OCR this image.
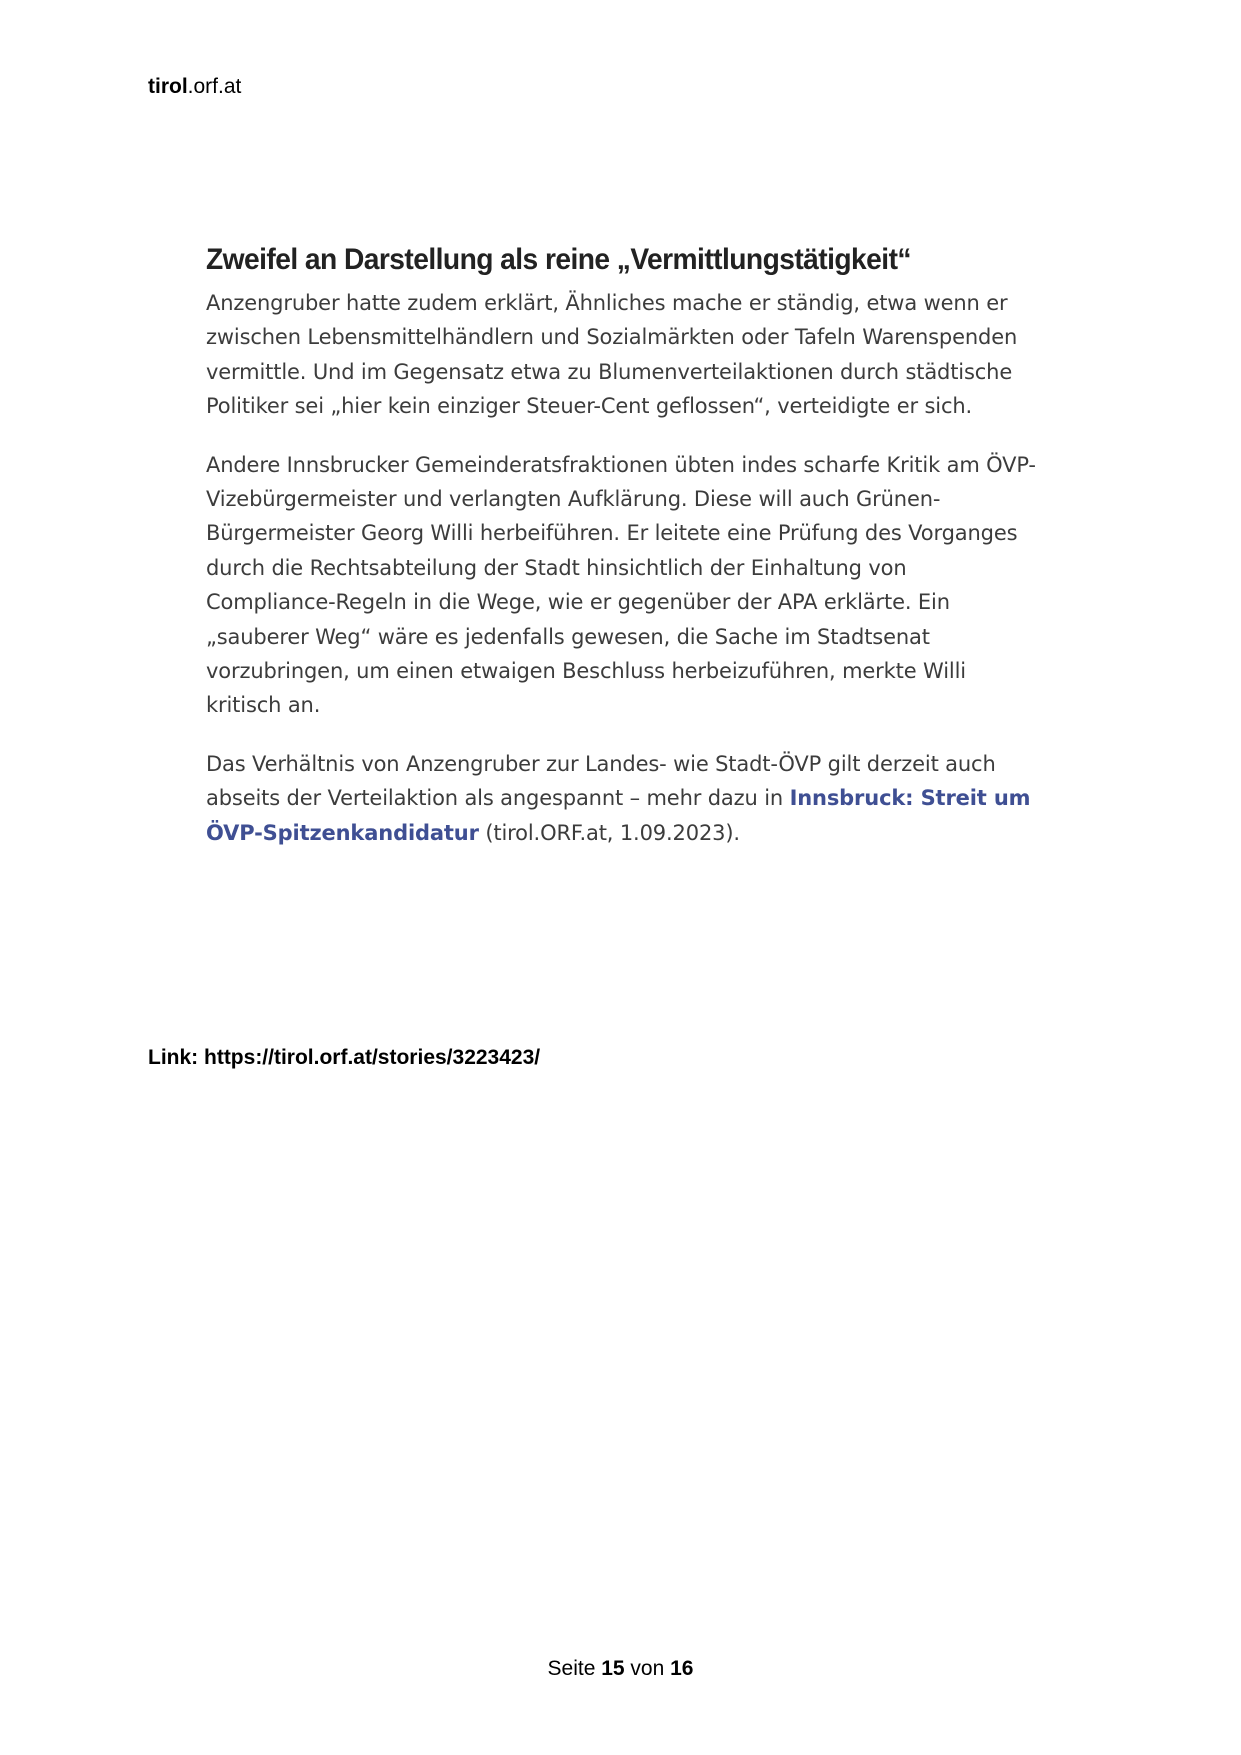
tirol.orf.at
Zweifel an Darstellung als reine „Vermittlungstätigkeit“

Anzengruber hatte zudem erklärt, Ähnliches mache er ständig, etwa wenn er zwischen Lebensmittelhändlern und Sozialmärkten oder Tafeln Warenspenden vermittle. Und im Gegensatz etwa zu Blumenverteilaktionen durch städtische Politiker sei „hier kein einziger Steuer-Cent geflossen“, verteidigte er sich.

Andere Innsbrucker Gemeinderatsfraktionen übten indes scharfe Kritik am ÖVP-Vizebürgermeister und verlangten Aufklärung. Diese will auch Grünen-Bürgermeister Georg Willi herbeiführen. Er leitete eine Prüfung des Vorganges durch die Rechtsabteilung der Stadt hinsichtlich der Einhaltung von Compliance-Regeln in die Wege, wie er gegenüber der APA erklärte. Ein „sauberer Weg“ wäre es jedenfalls gewesen, die Sache im Stadtsenat vorzubringen, um einen etwaigen Beschluss herbeizuführen, merkte Willi kritisch an.

Das Verhältnis von Anzengruber zur Landes- wie Stadt-ÖVP gilt derzeit auch abseits der Verteilaktion als angespannt – mehr dazu in Innsbruck: Streit um ÖVP-Spitzenkandidatur (tirol.ORF.at, 1.09.2023).

Link: https://tirol.orf.at/stories/3223423/
Seite 15 von 16
